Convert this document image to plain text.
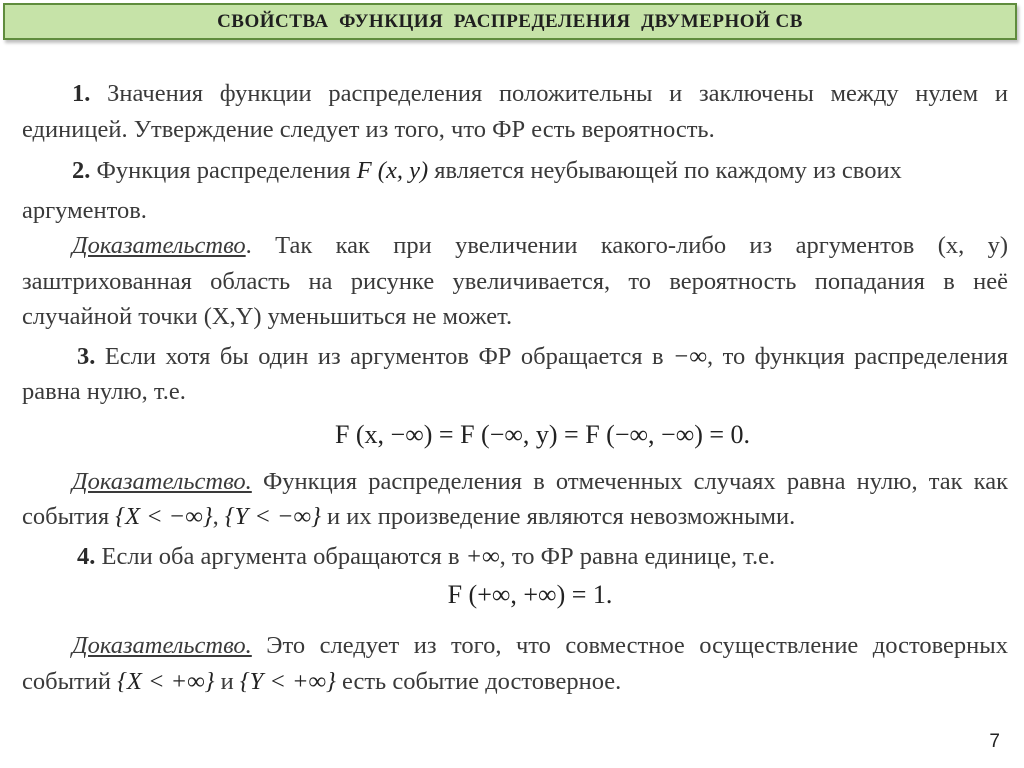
СВОЙСТВА  ФУНКЦИЯ  РАСПРЕДЕЛЕНИЯ  ДВУМЕРНОЙ СВ

1. Значения функции распределения положительны и заключены между нулем и единицей. Утверждение следует из того, что ФР есть вероятность.

2. Функция распределения F (x, y) является неубывающей по каждому из своих

аргументов.

Доказательство. Так как при увеличении какого-либо из аргументов (x, y) заштрихованная область на рисунке увеличивается, то вероятность попадания в неё случайной точки (X,Y) уменьшиться не может.

3. Если хотя бы один из аргументов ФР обращается в −∞, то функция распределения равна нулю, т.е.

F (x, −∞) = F (−∞, y) = F (−∞, −∞) = 0.

Доказательство. Функция распределения в отмеченных случаях равна нулю, так как события {X < −∞}, {Y < −∞} и их произведение являются невозможными.

4. Если оба аргумента обращаются в +∞, то ФР равна единице, т.е.

F (+∞, +∞) = 1.

Доказательство. Это следует из того, что совместное осуществление достоверных событий {X < +∞} и {Y < +∞} есть событие достоверное.

7
